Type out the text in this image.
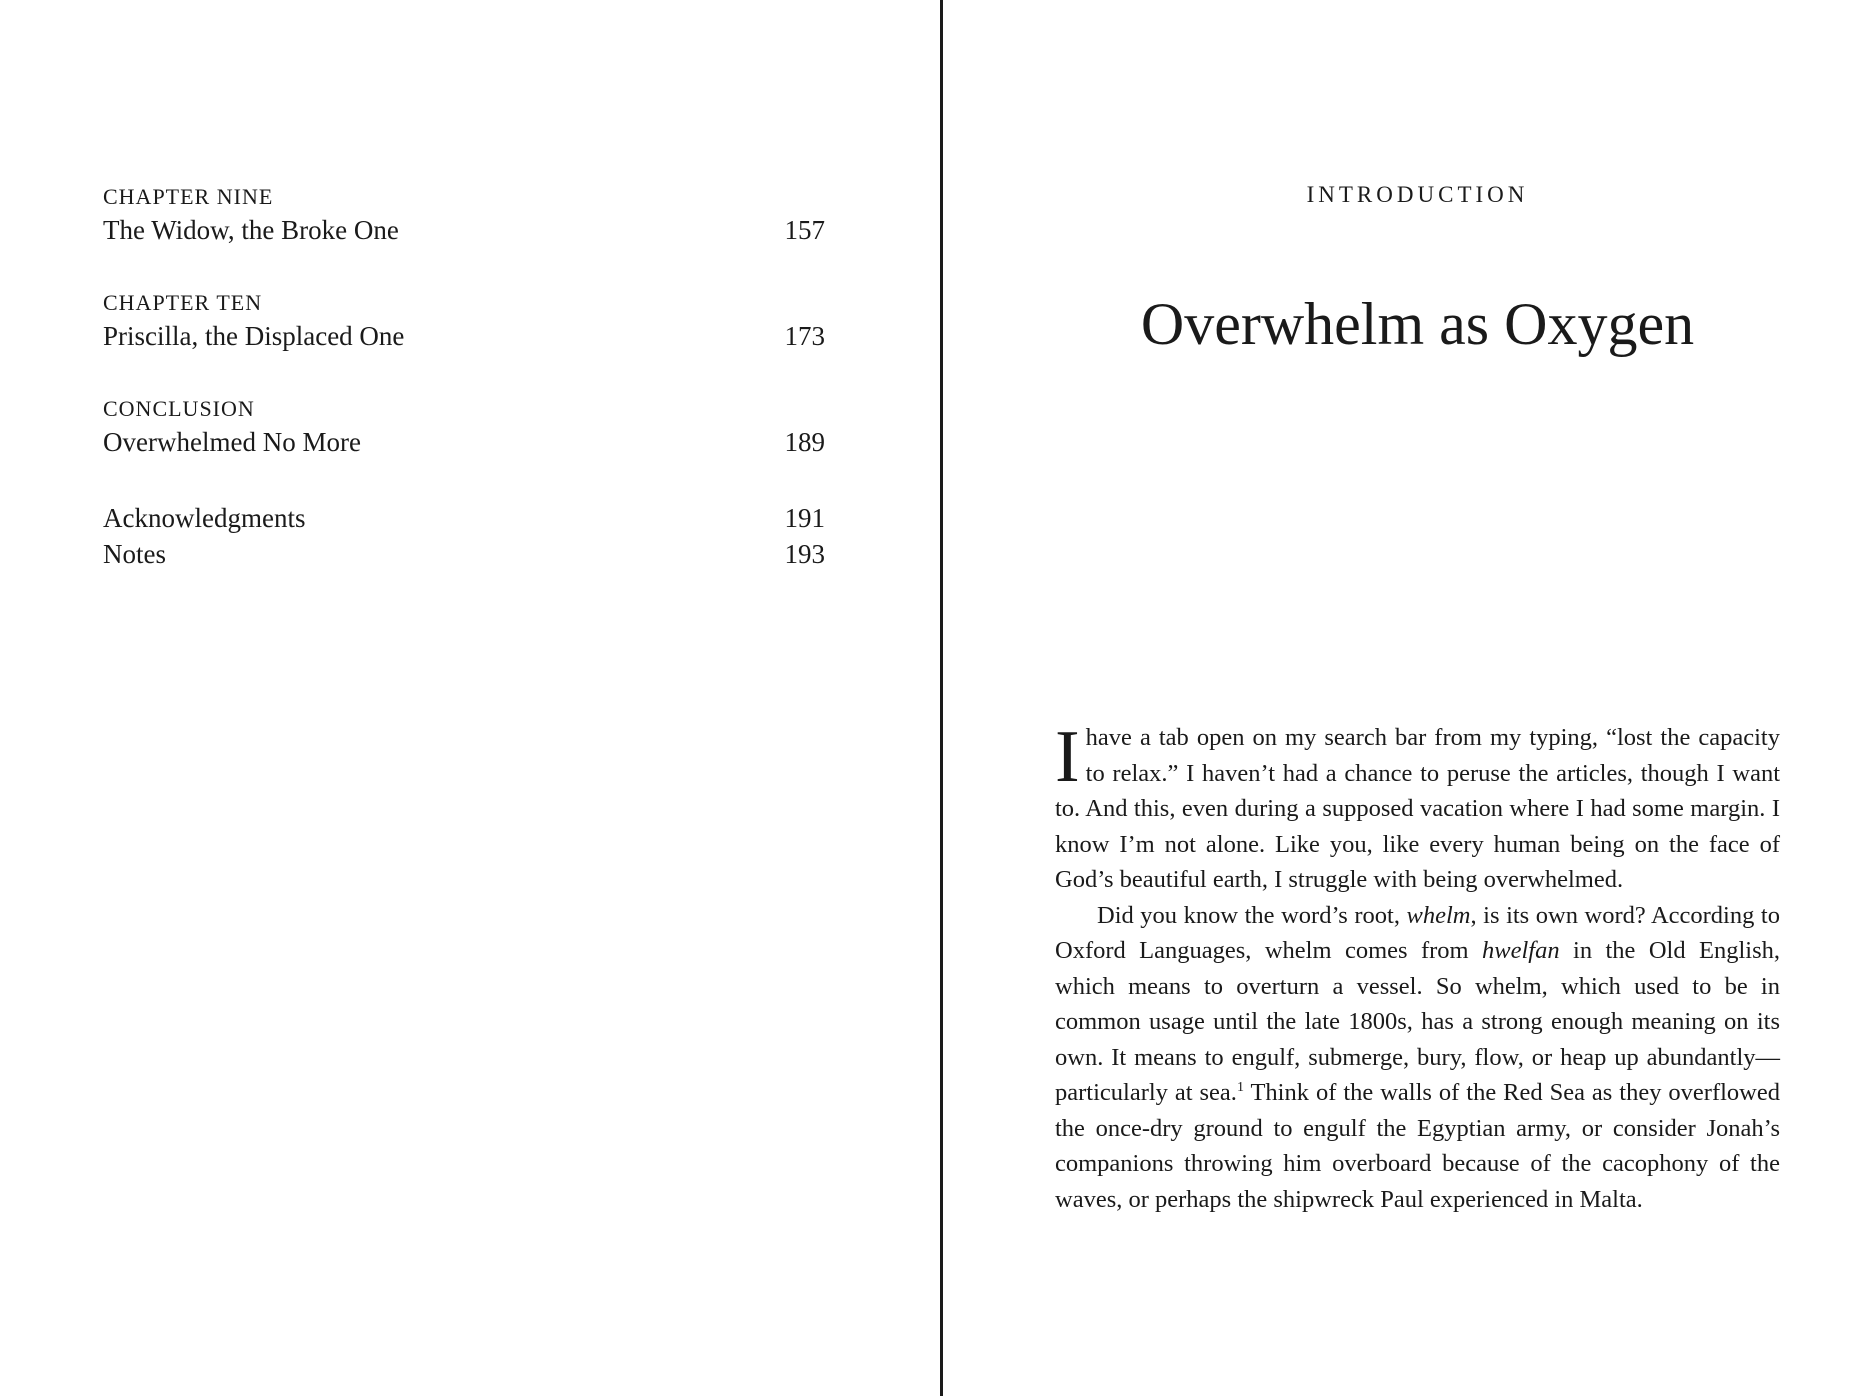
CHAPTER NINE
The Widow, the Broke One	157
CHAPTER TEN
Priscilla, the Displaced One	173
CONCLUSION
Overwhelmed No More	189
Acknowledgments	191
Notes	193
INTRODUCTION
Overwhelm as Oxygen

Ihave a tab open on my search bar from my typing, “lost the capacity to relax.” I haven’t had a chance to peruse the articles, though I want to. And this, even during a supposed vacation where I had some margin. I know I’m not alone. Like you, like every human being on the face of God’s beautiful earth, I struggle with being overwhelmed.

Did you know the word’s root, whelm, is its own word? According to Oxford Languages, whelm comes from hwelfan in the Old English, which means to overturn a vessel. So whelm, which used to be in common usage until the late 1800s, has a strong enough meaning on its own. It means to engulf, submerge, bury, flow, or heap up abundantly—particularly at sea.$^1$ Think of the walls of the Red Sea as they overflowed the once-dry ground to engulf the Egyptian army, or consider Jonah’s companions throwing him overboard because of the cacophony of the waves, or perhaps the shipwreck Paul experienced in Malta.
